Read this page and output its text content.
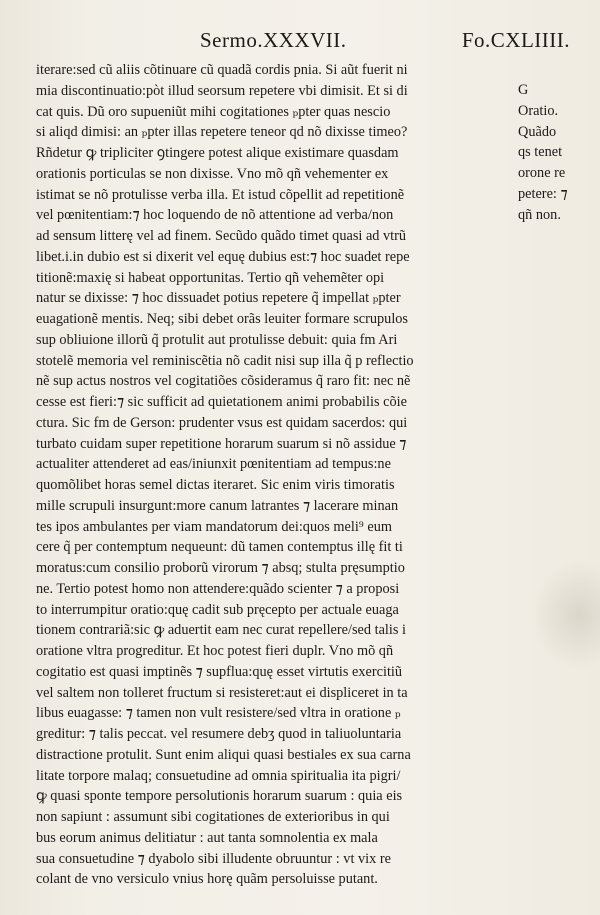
Sermo.XXXVII.	Fo.CXLIIII.
iterare:sed cũ aliis cõtinuare cũ quadã cordis pnia. Si aũt fuerit ni
mia discontinuatio:pòt illud seorsum repetere vbi dimisit. Et si di
cat quis. Dũ oro supueniũt mihi cogitationes ₚpter quas nescio
si aliqd dimisi: an ₚpter illas repetere teneor qd nõ dixisse timeo?
Rñdetur ꝙ tripliciter ꝯtingere potest alique existimare quasdam
orationis porticulas se non dixisse. Vno mõ qñ vehementer ex
istimat se nõ protulisse verba illa. Et istud cõpellit ad repetitionẽ
vel pœnitentiam:⁊ hoc loquendo de nõ attentione ad verba/non
ad sensum litterę vel ad finem. Secũdo quãdo timet quasi ad vtrũ
libet.i.in dubio est si dixerit vel equę dubius est:⁊ hoc suadet repe
titionẽ:maxię si habeat opportunitas. Tertio qñ vehemẽter opi
natur se dixisse: ⁊ hoc dissuadet potius repetere q̃ impellat ₚpter
euagationẽ mentis. Neq; sibi debet orãs leuiter formare scrupulos
sup obliuione illorũ q̃ protulit aut protulisse debuit: quia fm Ari
stotelẽ memoria vel reminiscẽtia nõ cadit nisi sup illa q̃ p reflectio
nẽ sup actus nostros vel cogitatiões cõsideramus q̃ raro fit: nec nẽ
cesse est fieri:⁊ sic sufficit ad quietationem animi probabilis cõie
ctura. Sic fm de Gerson: prudenter vsus est quidam sacerdos: qui
turbato cuidam super repetitione horarum suarum si nõ assidue ⁊
actualiter attenderet ad eas/iniunxit pœnitentiam ad tempus:ne
quomõlibet horas semel dictas iteraret. Sic enim viris timoratis
mille scrupuli insurgunt:more canum latrantes ⁊ lacerare minan
tes ipos ambulantes per viam mandatorum dei:quos meli⁹ eum
cere q̃ per contemptum nequeunt: dũ tamen contemptus illę fit ti
moratus:cum consilio proborũ virorum ⁊ absq; stulta pręsumptio
ne. Tertio potest homo non attendere:quãdo scienter ⁊ a proposi
to interrumpitur oratio:quę cadit sub pręcepto per actuale euaga
tionem contrariã:sic ꝙ aduertit eam nec curat repellere/sed talis i
oratione vltra progreditur. Et hoc potest fieri duplr. Vno mõ qñ
cogitatio est quasi imptinẽs ⁊ supflua:quę esset virtutis exercitiũ
vel saltem non tolleret fructum si resisteret:aut ei displiceret in ta
libus euagasse: ⁊ tamen non vult resistere/sed vltra in oratione ₚ
greditur: ⁊ talis peccat. vel resumere debʒ quod in taliuoluntaria
distractione protulit. Sunt enim aliqui quasi bestiales ex sua carna
litate torpore malaq; consuetudine ad omnia spiritualia ita pigri/
ꝙ quasi sponte tempore persolutionis horarum suarum : quia eis
non sapiunt : assumunt sibi cogitationes de exterioribus in qui
bus eorum animus delitiatur : aut tanta somnolentia ex mala
sua consuetudine ⁊ dyabolo sibi illudente obruuntur : vt vix re
colant de vno versiculo vnius horę quãm persoluisse putant.
G
Oratio.
Quãdo
qs tenet
orone re
petere: ⁊
qñ non.
